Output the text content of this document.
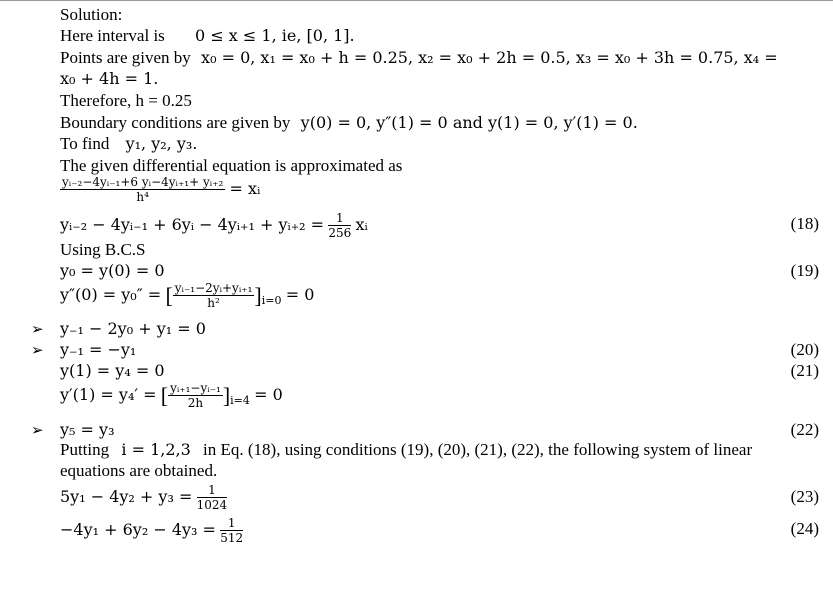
Solution:
Here interval is 0 ≤ x ≤ 1, ie, [0, 1].
Points are given by x₀ = 0, x₁ = x₀ + h = 0.25, x₂ = x₀ + 2h = 0.5, x₃ = x₀ + 3h = 0.75, x₄ =
x₀ + 4h = 1.
Therefore, h = 0.25
Boundary conditions are given by y(0) = 0, y″(1) = 0 and y(1) = 0, y′(1) = 0.
To find y₁, y₂, y₃.
The given differential equation is approximated as
$\frac{\text{yᵢ₋₂−4yᵢ₋₁+6 yᵢ−4yᵢ₊₁+ yᵢ₊₂}}{\text{h⁴}}$ = xᵢ
yᵢ₋₂ − 4yᵢ₋₁ + 6yᵢ − 4yᵢ₊₁ + yᵢ₊₂ = $\frac{1}{256}$ xᵢ	(18)
Using B.C.S
y₀ = y(0) = 0	(19)
y″(0) = y₀″ = [ $\frac{\text{yᵢ₋₁−2yᵢ+yᵢ₊₁}}{\text{h²}} ]_{i=0} = 0$
➢ y₋₁ − 2y₀ + y₁ = 0
➢ y₋₁ = −y₁	(20)
y(1) = y₄ = 0	(21)
y′(1) = y₄′ = [ $\frac{\text{yᵢ₊₁−yᵢ₋₁}}{2h} ]_{i=4} = 0$
➢ y₅ = y₃	(22)
Putting i = 1,2,3 in Eq. (18), using conditions (19), (20), (21), (22), the following system of linear
equations are obtained.
$5y_1 - 4y_2 + y_3 = \frac{1}{1024}$	(23)
$-4y_1 + 6y_2 - 4y_3 = \frac{1}{512}$	(24)
